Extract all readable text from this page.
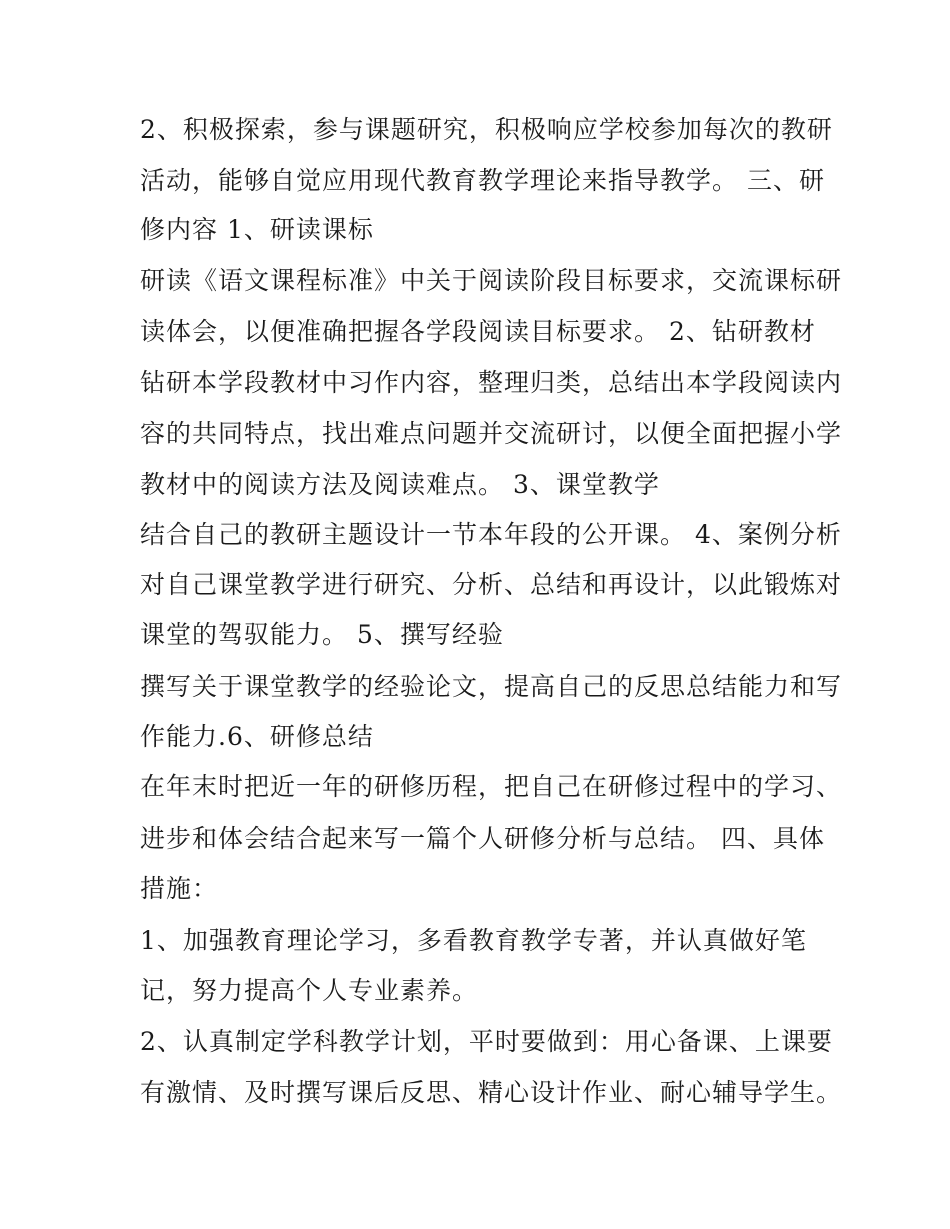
2、积极探索，参与课题研究，积极响应学校参加每次的教研
活动，能够自觉应用现代教育教学理论来指导教学。 三、研
修内容 1、研读课标
研读《语文课程标准》中关于阅读阶段目标要求，交流课标研
读体会，以便准确把握各学段阅读目标要求。 2、钻研教材
钻研本学段教材中习作内容，整理归类，总结出本学段阅读内
容的共同特点，找出难点问题并交流研讨，以便全面把握小学
教材中的阅读方法及阅读难点。 3、课堂教学
结合自己的教研主题设计一节本年段的公开课。 4、案例分析
对自己课堂教学进行研究、分析、总结和再设计，以此锻炼对
课堂的驾驭能力。 5、撰写经验
撰写关于课堂教学的经验论文，提高自己的反思总结能力和写
作能力.6、研修总结
在年末时把近一年的研修历程，把自己在研修过程中的学习、
进步和体会结合起来写一篇个人研修分析与总结。 四、具体
措施：
1、加强教育理论学习，多看教育教学专著，并认真做好笔
记，努力提高个人专业素养。
2、认真制定学科教学计划，平时要做到：用心备课、上课要
有激情、及时撰写课后反思、精心设计作业、耐心辅导学生。
